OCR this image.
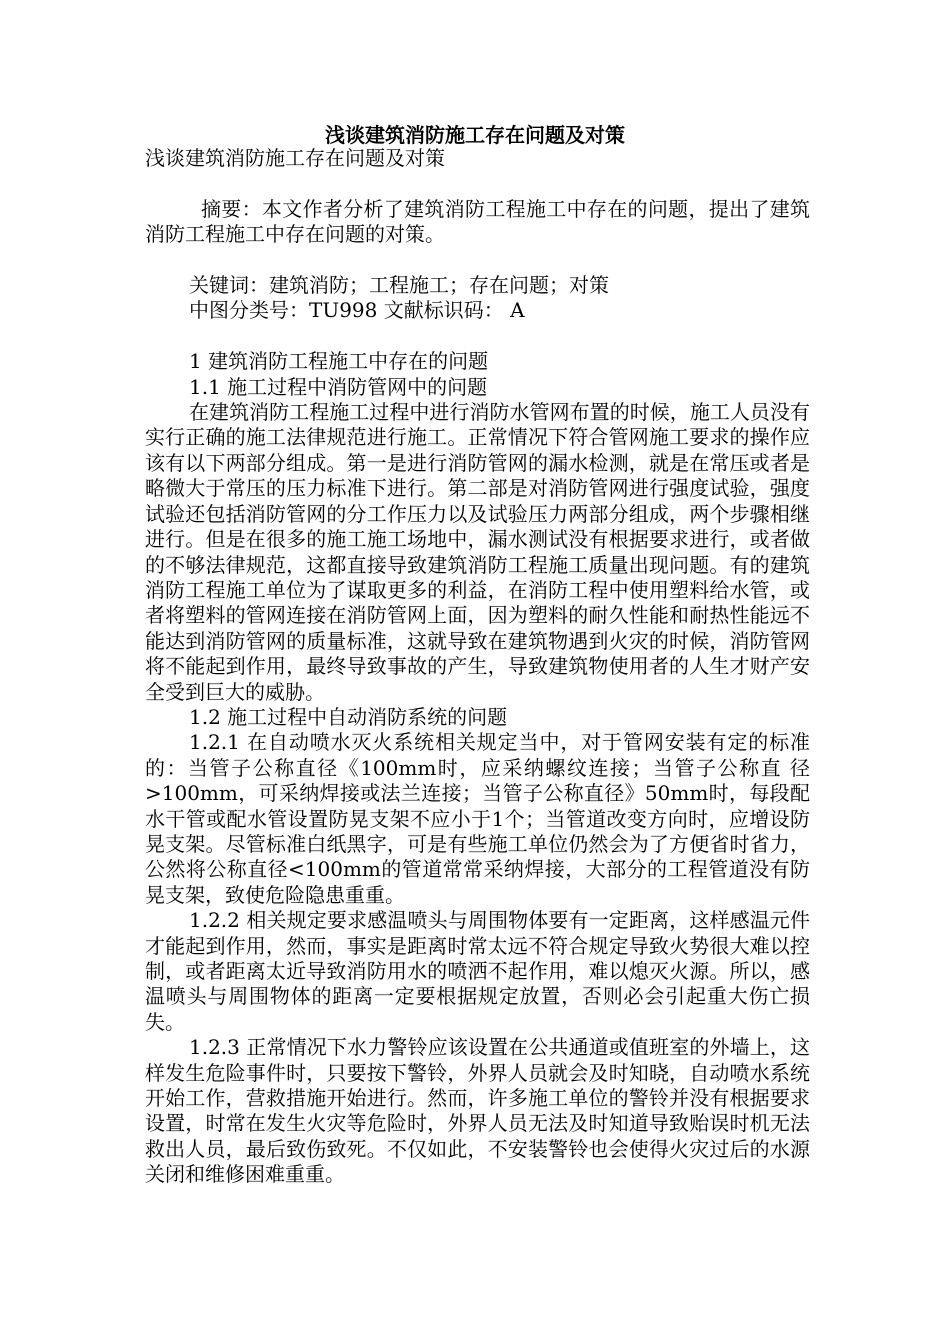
浅谈建筑消防施工存在问题及对策
浅谈建筑消防施工存在问题及对策

摘要：本文作者分析了建筑消防工程施工中存在的问题，提出了建筑消防工程施工中存在问题的对策。

关键词：建筑消防；工程施工；存在问题；对策
中图分类号：TU998 文献标识码： A

1 建筑消防工程施工中存在的问题
1.1 施工过程中消防管网中的问题
在建筑消防工程施工过程中进行消防水管网布置的时候，施工人员没有实行正确的施工法律规范进行施工。正常情况下符合管网施工要求的操作应该有以下两部分组成。第一是进行消防管网的漏水检测，就是在常压或者是略微大于常压的压力标准下进行。第二部是对消防管网进行强度试验，强度试验还包括消防管网的分工作压力以及试验压力两部分组成，两个步骤相继进行。但是在很多的施工施工场地中，漏水测试没有根据要求进行，或者做的不够法律规范，这都直接导致建筑消防工程施工质量出现问题。有的建筑消防工程施工单位为了谋取更多的利益，在消防工程中使用塑料给水管，或者将塑料的管网连接在消防管网上面，因为塑料的耐久性能和耐热性能远不能达到消防管网的质量标准，这就导致在建筑物遇到火灾的时候，消防管网将不能起到作用，最终导致事故的产生，导致建筑物使用者的人生才财产安全受到巨大的威胁。
1.2 施工过程中自动消防系统的问题
1.2.1 在自动喷水灭火系统相关规定当中，对于管网安装有定的标准的：当管子公称直径《100mm时，应采纳螺纹连接；当管子公称直 径>100mm，可采纳焊接或法兰连接；当管子公称直径》50mm时，每段配水干管或配水管设置防晃支架不应小于1个；当管道改变方向时，应增设防晃支架。尽管标准白纸黑字，可是有些施工单位仍然会为了方便省时省力，公然将公称直径<100mm的管道常常采纳焊接，大部分的工程管道没有防晃支架，致使危险隐患重重。
1.2.2 相关规定要求感温喷头与周围物体要有一定距离，这样感温元件才能起到作用，然而，事实是距离时常太远不符合规定导致火势很大难以控制，或者距离太近导致消防用水的喷洒不起作用，难以熄灭火源。所以，感温喷头与周围物体的距离一定要根据规定放置，否则必会引起重大伤亡损失。
1.2.3 正常情况下水力警铃应该设置在公共通道或值班室的外墙上，这样发生危险事件时，只要按下警铃，外界人员就会及时知晓，自动喷水系统开始工作，营救措施开始进行。然而，许多施工单位的警铃并没有根据要求设置，时常在发生火灾等危险时，外界人员无法及时知道导致贻误时机无法救出人员，最后致伤致死。不仅如此，不安装警铃也会使得火灾过后的水源关闭和维修困难重重。
